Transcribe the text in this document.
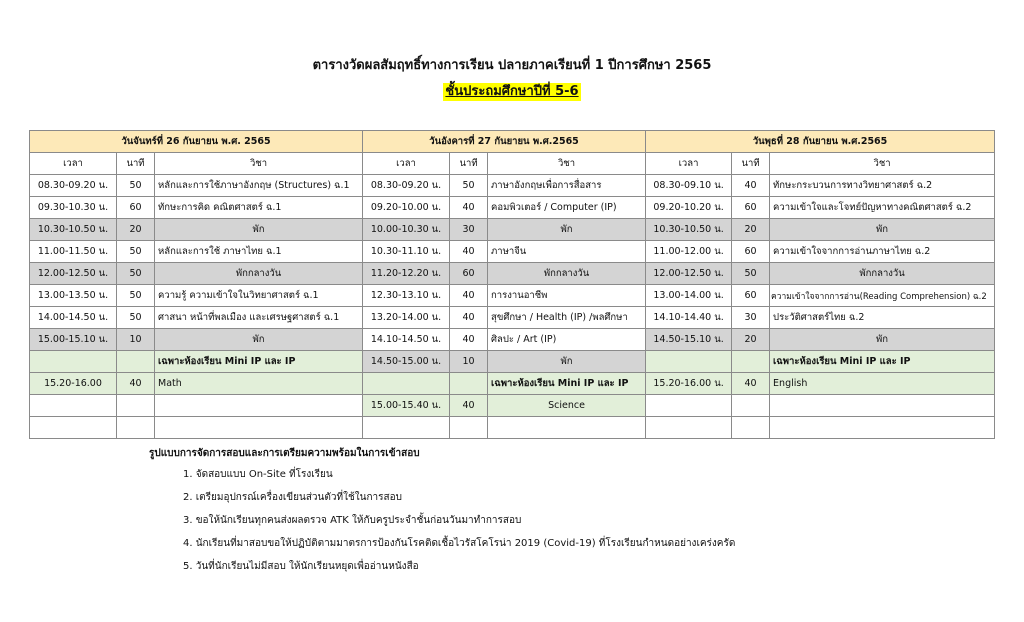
ตารางวัดผลสัมฤทธิ์ทางการเรียน ปลายภาคเรียนที่ 1 ปีการศึกษา 2565
ชั้นประถมศึกษาปีที่ 5-6
วันจันทร์ที่ 26 กันยายน พ.ศ. 2565			วันอังคารที่ 27 กันยายน พ.ศ.2565			วันพุธที่ 28 กันยายน พ.ศ.2565		
เวลา	นาที	วิชา	เวลา	นาที	วิชา	เวลา	นาที	วิชา
08.30-09.20 น.	50	หลักและการใช้ภาษาอังกฤษ (Structures) ฉ.1	08.30-09.20 น.	50	ภาษาอังกฤษเพื่อการสื่อสาร	08.30-09.10 น.	40	ทักษะกระบวนการทางวิทยาศาสตร์ ฉ.2
09.30-10.30 น.	60	ทักษะการคิด คณิตศาสตร์ ฉ.1	09.20-10.00 น.	40	คอมพิวเตอร์ / Computer (IP)	09.20-10.20 น.	60	ความเข้าใจและโจทย์ปัญหาทางคณิตศาสตร์ ฉ.2
10.30-10.50 น.	20	พัก	10.00-10.30 น.	30	พัก	10.30-10.50 น.	20	พัก
11.00-11.50 น.	50	หลักและการใช้ ภาษาไทย ฉ.1	10.30-11.10 น.	40	ภาษาจีน	11.00-12.00 น.	60	ความเข้าใจจากการอ่านภาษาไทย ฉ.2
12.00-12.50 น.	50	พักกลางวัน	11.20-12.20 น.	60	พักกลางวัน	12.00-12.50 น.	50	พักกลางวัน
13.00-13.50 น.	50	ความรู้ ความเข้าใจในวิทยาศาสตร์ ฉ.1	12.30-13.10 น.	40	การงานอาชีพ	13.00-14.00 น.	60	ความเข้าใจจากการอ่าน(Reading Comprehension) ฉ.2
14.00-14.50 น.	50	ศาสนา หน้าที่พลเมือง และเศรษฐศาสตร์ ฉ.1	13.20-14.00 น.	40	สุขศึกษา / Health (IP) /พลศึกษา	14.10-14.40 น.	30	ประวัติศาสตร์ไทย ฉ.2
15.00-15.10 น.	10	พัก	14.10-14.50 น.	40	ศิลปะ / Art (IP)	14.50-15.10 น.	20	พัก
		เฉพาะห้องเรียน Mini IP และ IP	14.50-15.00 น.	10	พัก			เฉพาะห้องเรียน Mini IP และ IP
15.20-16.00	40	Math			เฉพาะห้องเรียน Mini IP และ IP	15.20-16.00 น.	40	English
			15.00-15.40 น.	40	Science			

รูปแบบการจัดการสอบและการเตรียมความพร้อมในการเข้าสอบ
1. จัดสอบแบบ On-Site ที่โรงเรียน
2. เตรียมอุปกรณ์เครื่องเขียนส่วนตัวที่ใช้ในการสอบ
3. ขอให้นักเรียนทุกคนส่งผลตรวจ ATK ให้กับครูประจำชั้นก่อนวันมาทำการสอบ
4. นักเรียนที่มาสอบขอให้ปฏิบัติตามมาตรการป้องกันโรคติดเชื้อไวรัสโคโรน่า 2019 (Covid-19) ที่โรงเรียนกำหนดอย่างเคร่งครัด
5. วันที่นักเรียนไม่มีสอบ ให้นักเรียนหยุดเพื่ออ่านหนังสือ
